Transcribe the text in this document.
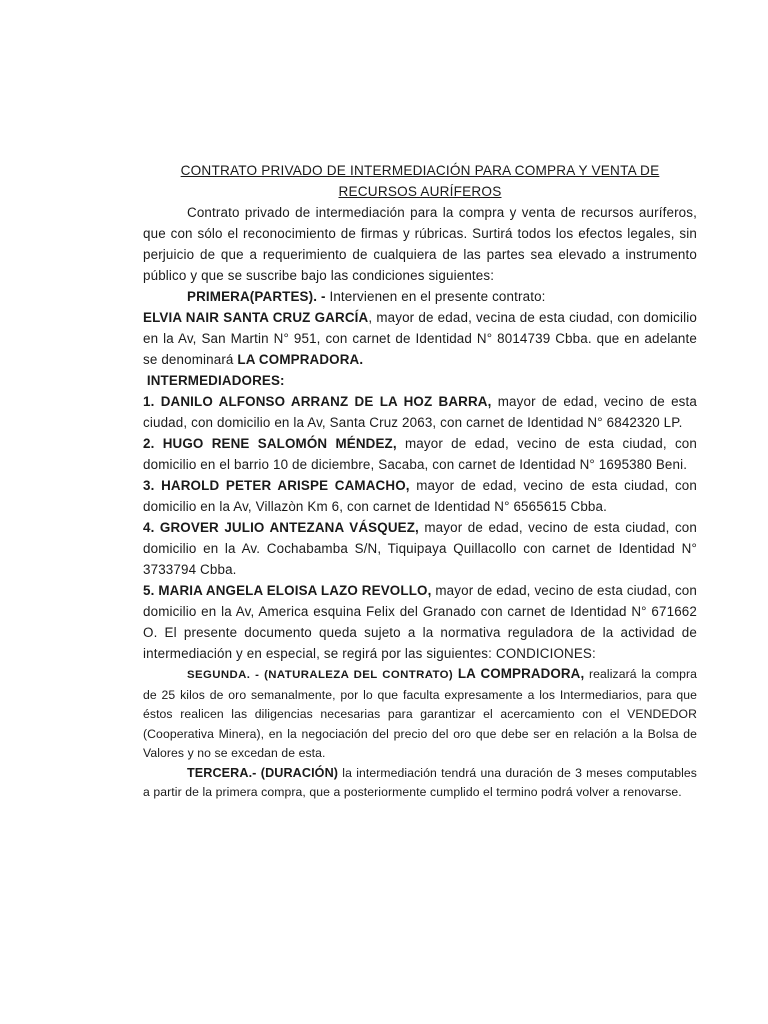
CONTRATO PRIVADO DE INTERMEDIACIÓN PARA COMPRA Y VENTA DE
RECURSOS AURÍFEROS

Contrato privado de intermediación para la compra y venta de recursos auríferos, que con sólo el reconocimiento de firmas y rúbricas. Surtirá todos los efectos legales, sin perjuicio de que a requerimiento de cualquiera de las partes sea elevado a instrumento público y que se suscribe bajo las condiciones siguientes:

PRIMERA(PARTES). - Intervienen en el presente contrato:

ELVIA NAIR SANTA CRUZ GARCÍA, mayor de edad, vecina de esta ciudad, con domicilio en la Av, San Martin N° 951, con carnet de Identidad N° 8014739 Cbba. que en adelante se denominará LA COMPRADORA.

INTERMEDIADORES:

1. DANILO ALFONSO ARRANZ DE LA HOZ BARRA, mayor de edad, vecino de esta ciudad, con domicilio en la Av, Santa Cruz 2063, con carnet de Identidad N° 6842320 LP.

2. HUGO RENE SALOMÓN MÉNDEZ, mayor de edad, vecino de esta ciudad, con domicilio en el barrio 10 de diciembre, Sacaba, con carnet de Identidad N° 1695380 Beni.

3. HAROLD PETER ARISPE CAMACHO, mayor de edad, vecino de esta ciudad, con domicilio en la Av, Villazòn Km 6, con carnet de Identidad N° 6565615 Cbba.

4. GROVER JULIO ANTEZANA VÁSQUEZ, mayor de edad, vecino de esta ciudad, con domicilio en la Av. Cochabamba S/N, Tiquipaya Quillacollo con carnet de Identidad N° 3733794 Cbba.

5. MARIA ANGELA ELOISA LAZO REVOLLO, mayor de edad, vecino de esta ciudad, con domicilio en la Av, America esquina Felix del Granado con carnet de Identidad N° 671662 O. El presente documento queda sujeto a la normativa reguladora de la actividad de intermediación y en especial, se regirá por las siguientes: CONDICIONES:

SEGUNDA. - (NATURALEZA DEL CONTRATO) LA COMPRADORA, realizará la compra de 25 kilos de oro semanalmente, por lo que faculta expresamente a los Intermediarios, para que éstos realicen las diligencias necesarias para garantizar el acercamiento con el VENDEDOR (Cooperativa Minera), en la negociación del precio del oro que debe ser en relación a la Bolsa de Valores y no se excedan de esta.

TERCERA.- (DURACIÓN) la intermediación tendrá una duración de 3 meses computables a partir de la primera compra, que a posteriormente cumplido el termino podrá volver a renovarse.
